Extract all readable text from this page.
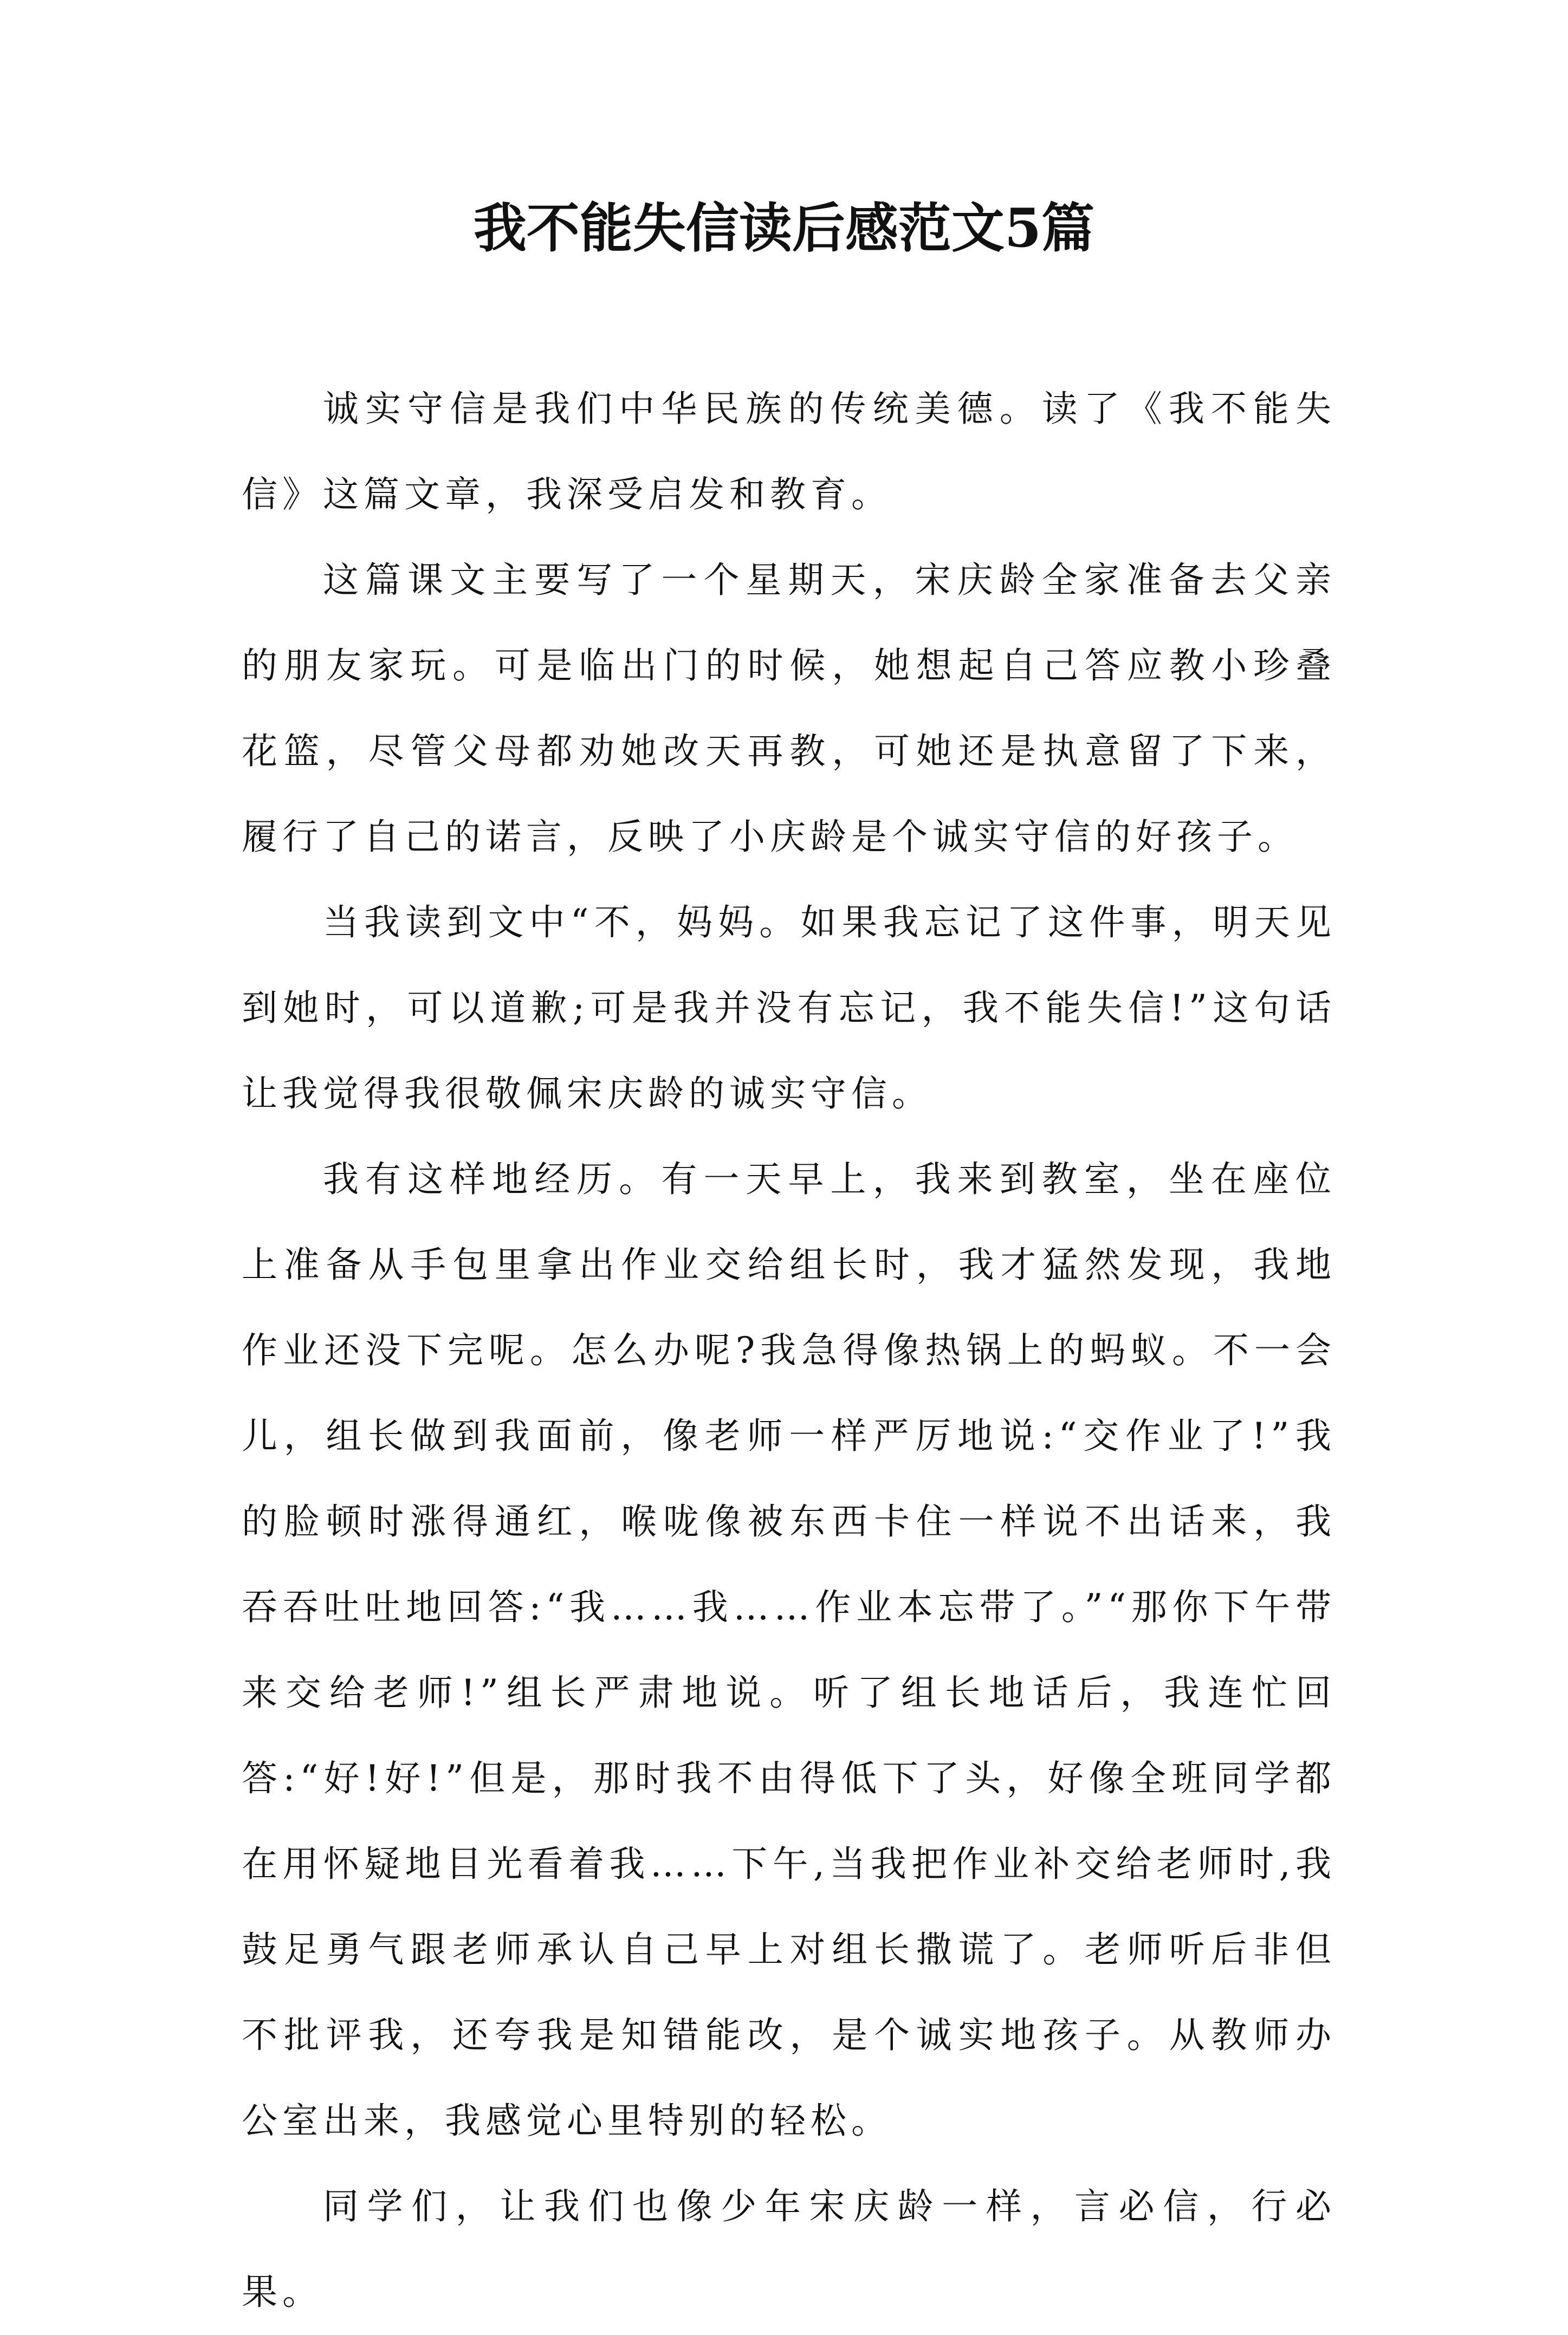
我不能失信读后感范文5篇

诚实守信是我们中华民族的传统美德。读了《我不能失信》这篇文章，我深受启发和教育。

这篇课文主要写了一个星期天，宋庆龄全家准备去父亲的朋友家玩。可是临出门的时候，她想起自己答应教小珍叠花篮，尽管父母都劝她改天再教，可她还是执意留了下来，履行了自己的诺言，反映了小庆龄是个诚实守信的好孩子。

当我读到文中“不，妈妈。如果我忘记了这件事，明天见到她时，可以道歉;可是我并没有忘记，我不能失信!”这句话让我觉得我很敬佩宋庆龄的诚实守信。

我有这样地经历。有一天早上，我来到教室，坐在座位上准备从手包里拿出作业交给组长时，我才猛然发现，我地作业还没下完呢。怎么办呢?我急得像热锅上的蚂蚁。不一会儿，组长做到我面前，像老师一样严厉地说:“交作业了!”我的脸顿时涨得通红，喉咙像被东西卡住一样说不出话来，我吞吞吐吐地回答:“我……我……作业本忘带了。”“那你下午带来交给老师!”组长严肃地说。听了组长地话后，我连忙回答:“好!好!”但是，那时我不由得低下了头，好像全班同学都在用怀疑地目光看着我……下午,当我把作业补交给老师时,我鼓足勇气跟老师承认自己早上对组长撒谎了。老师听后非但不批评我，还夸我是知错能改，是个诚实地孩子。从教师办公室出来，我感觉心里特别的轻松。

同学们，让我们也像少年宋庆龄一样，言必信，行必果。
